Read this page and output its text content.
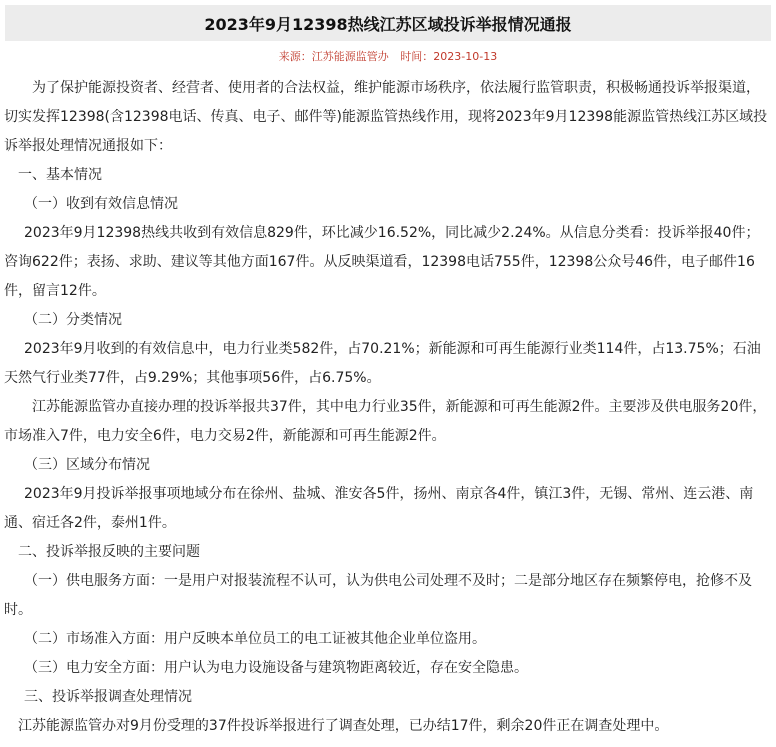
2023年9月12398热线江苏区域投诉举报情况通报
来源：江苏能源监管办 时间：2023-10-13

为了保护能源投资者、经营者、使用者的合法权益，维护能源市场秩序，依法履行监管职责，积极畅通投诉举报渠道，切实发挥12398(含12398电话、传真、电子、邮件等)能源监管热线作用，现将2023年9月12398能源监管热线江苏区域投诉举报处理情况通报如下：

一、基本情况

（一）收到有效信息情况

2023年9月12398热线共收到有效信息829件，环比减少16.52%，同比减少2.24%。从信息分类看：投诉举报40件；咨询622件；表扬、求助、建议等其他方面167件。从反映渠道看，12398电话755件，12398公众号46件，电子邮件16件，留言12件。

（二）分类情况

2023年9月收到的有效信息中，电力行业类582件，占70.21%；新能源和可再生能源行业类114件，占13.75%；石油天然气行业类77件，占9.29%；其他事项56件，占6.75%。

江苏能源监管办直接办理的投诉举报共37件，其中电力行业35件，新能源和可再生能源2件。主要涉及供电服务20件，市场准入7件，电力安全6件，电力交易2件，新能源和可再生能源2件。

（三）区域分布情况

2023年9月投诉举报事项地域分布在徐州、盐城、淮安各5件，扬州、南京各4件，镇江3件，无锡、常州、连云港、南通、宿迁各2件，泰州1件。

二、投诉举报反映的主要问题

（一）供电服务方面：一是用户对报装流程不认可，认为供电公司处理不及时；二是部分地区存在频繁停电，抢修不及时。

（二）市场准入方面：用户反映本单位员工的电工证被其他企业单位盗用。

（三）电力安全方面：用户认为电力设施设备与建筑物距离较近，存在安全隐患。

三、投诉举报调查处理情况

江苏能源监管办对9月份受理的37件投诉举报进行了调查处理，已办结17件，剩余20件正在调查处理中。
